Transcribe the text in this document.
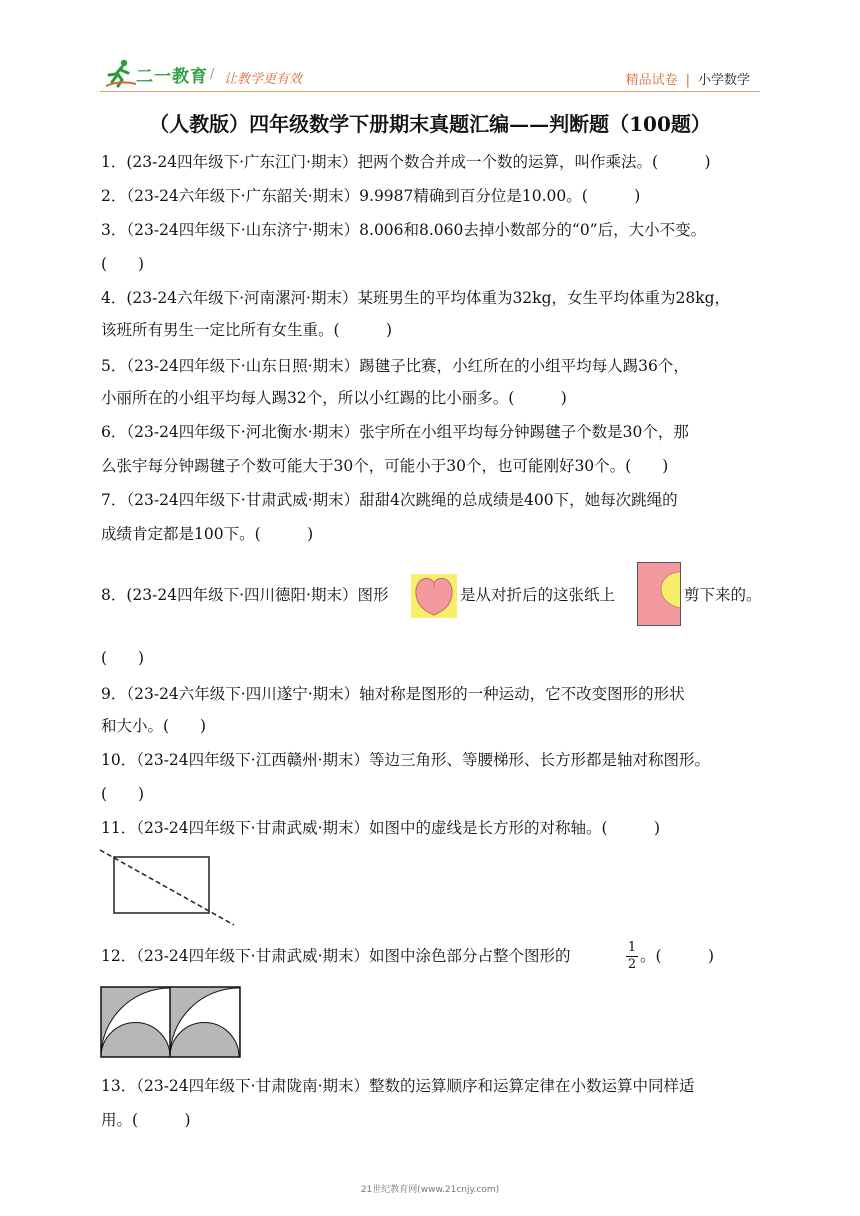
二一教育 / 让教学更有效	精品试卷 | 小学数学
（人教版）四年级数学下册期末真题汇编——判断题（100题）
1．(23-24四年级下·广东江门·期末）把两个数合并成一个数的运算，叫作乘法。(　　　)
2．（23-24六年级下·广东韶关·期末）9.9987精确到百分位是10.00。(　　　)
3．（23-24四年级下·山东济宁·期末）8.006和8.060去掉小数部分的“0”后，大小不变。
(　　)
4．(23-24六年级下·河南漯河·期末）某班男生的平均体重为32kg，女生平均体重为28kg，
该班所有男生一定比所有女生重。(　　　)
5．（23-24四年级下·山东日照·期末）踢毽子比赛，小红所在的小组平均每人踢36个，
小丽所在的小组平均每人踢32个，所以小红踢的比小丽多。(　　　)
6．（23-24四年级下·河北衡水·期末）张宇所在小组平均每分钟踢毽子个数是30个，那
么张宇每分钟踢毽子个数可能大于30个，可能小于30个，也可能刚好30个。(　　)
7．（23-24四年级下·甘肃武威·期末）甜甜4次跳绳的总成绩是400下，她每次跳绳的
成绩肯定都是100下。(　　　)
8．(23-24四年级下·四川德阳·期末）图形	是从对折后的这张纸上	剪下来的。
(　　)
9．（23-24六年级下·四川遂宁·期末）轴对称是图形的一种运动，它不改变图形的形状
和大小。(　　)
10．（23-24四年级下·江西赣州·期末）等边三角形、等腰梯形、长方形都是轴对称图形。
(　　)
11．（23-24四年级下·甘肃武威·期末）如图中的虚线是长方形的对称轴。(　　　)
12．（23-24四年级下·甘肃武威·期末）如图中涂色部分占整个图形的	1
2 。(　　　)
13．（23-24四年级下·甘肃陇南·期末）整数的运算顺序和运算定律在小数运算中同样适
用。(　　　)
21世纪教育网(www.21cnjy.com)
